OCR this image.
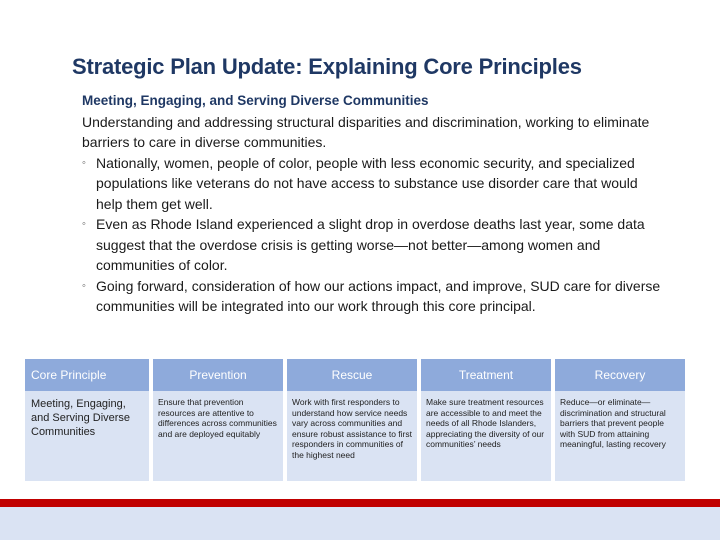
Strategic Plan Update: Explaining Core Principles
Meeting, Engaging, and Serving Diverse Communities

Understanding and addressing structural disparities and discrimination, working to eliminate barriers to care in diverse communities.

◦ Nationally, women, people of color, people with less economic security, and specialized populations like veterans do not have access to substance use disorder care that would help them get well.
◦ Even as Rhode Island experienced a slight drop in overdose deaths last year, some data suggest that the overdose crisis is getting worse—not better—among women and communities of color.
◦ Going forward, consideration of how our actions impact, and improve, SUD care for diverse communities will be integrated into our work through this core principal.
Core Principle	Prevention	Rescue	Treatment	Recovery
Meeting, Engaging, and Serving Diverse Communities	Ensure that prevention resources are attentive to differences across communities and are deployed equitably	Work with first responders to understand how service needs vary across communities and ensure robust assistance to first responders in communities of the highest need	Make sure treatment resources are accessible to and meet the needs of all Rhode Islanders, appreciating the diversity of our communities’ needs	Reduce—or eliminate—discrimination and structural barriers that prevent people with SUD from attaining meaningful, lasting recovery
